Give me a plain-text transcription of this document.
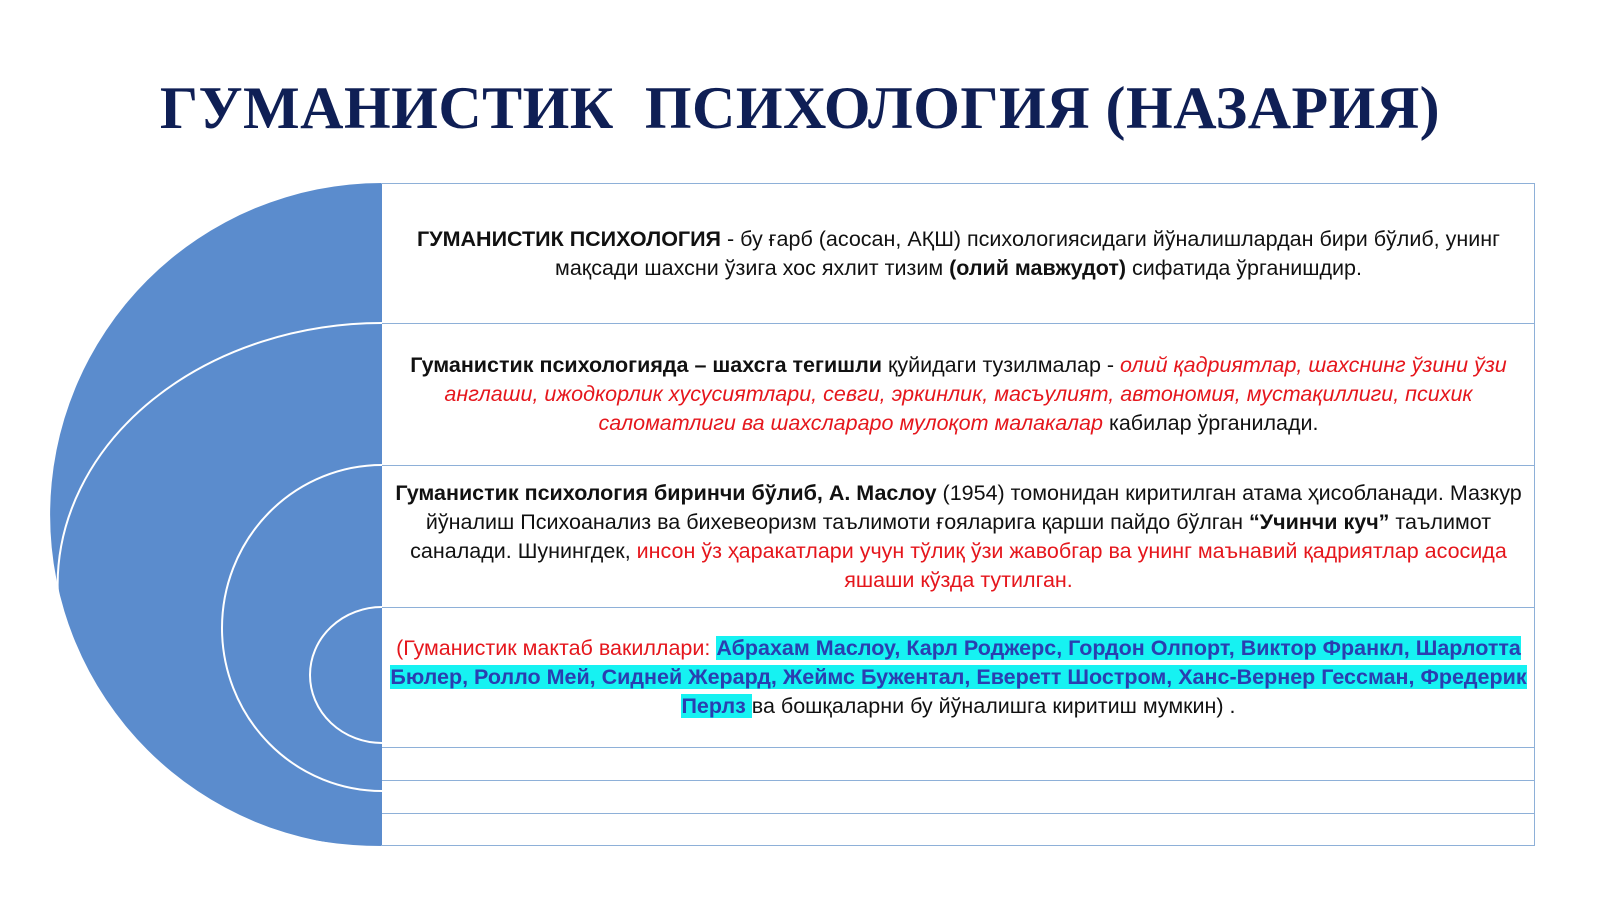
ГУМАНИСТИК  ПСИХОЛОГИЯ (НАЗАРИЯ)

ГУМАНИСТИК ПСИХОЛОГИЯ - бу ғарб (асосан, АҚШ) психологиясидаги йўналишлардан бири бўлиб, унинг мақсади шахсни ўзига хос яхлит тизим (олий мавжудот) сифатида ўрганишдир.

Гуманистик психологияда – шахсга тегишли қуйидаги тузилмалар - олий қадриятлар, шахснинг ўзини ўзи англаши, ижодкорлик хусусиятлари, севги, эркинлик, масъулият, автономия, мустақиллиги, психик саломатлиги ва шахслараро мулоқот малакалар кабилар ўрганилади.

Гуманистик психология биринчи бўлиб, А. Маслоу (1954) томонидан киритилган атама ҳисобланади. Мазкур йўналиш Психоанализ ва бихевеоризм таълимоти ғояларига қарши пайдо бўлган “Учинчи куч” таълимот саналади. Шунингдек, инсон ўз ҳаракатлари учун тўлиқ ўзи жавобгар ва унинг маънавий қадриятлар асосида яшаши кўзда тутилган.

(Гуманистик мактаб вакиллари: Абрахам Маслоу, Карл Роджерс, Гордон Олпорт, Виктор Франкл, Шарлотта Бюлер, Ролло Мей, Сидней Жерард, Жеймс Бужентал, Еверетт Шостром, Ханс-Вернер Гессман, Фредерик Перлз ва бошқаларни бу йўналишга киритиш мумкин) .
